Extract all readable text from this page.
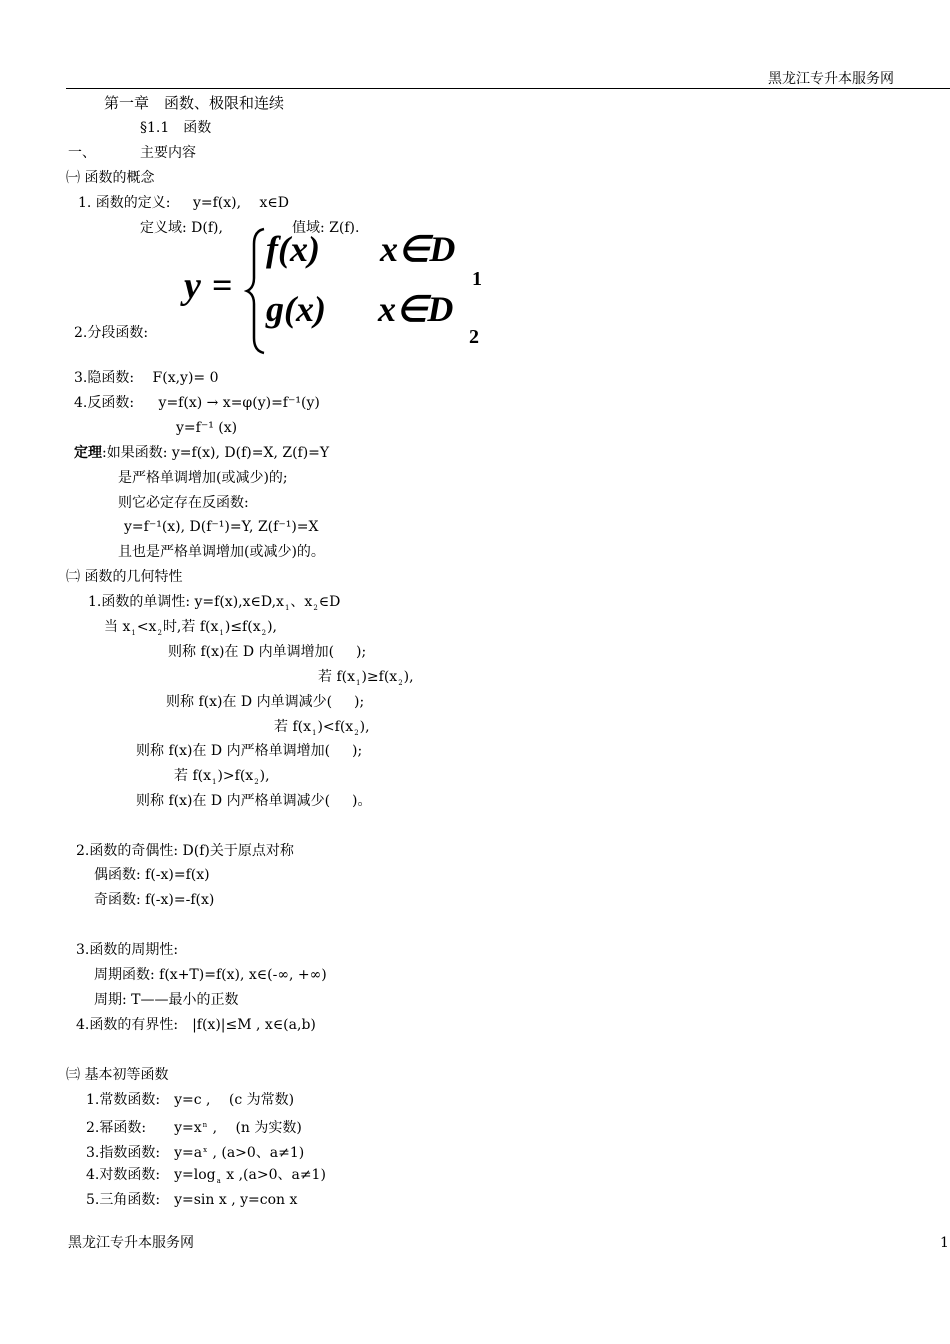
黑龙江专升本服务网
第一章　函数、极限和连续
§1.1　函数
一、	主要内容
㈠ 函数的概念
1. 函数的定义: y=f(x),　 x∈D
定义域: D(f),	值域: Z(f).
y =
f(x) x∈D
1
g(x) x∈D
2
2.分段函数:
3.隐函数:　 F(x,y)= 0
4.反函数: y=f(x) → x=φ(y)=f⁻¹(y)
y=f⁻¹ (x)
定理:如果函数: y=f(x), D(f)=X, Z(f)=Y
是严格单调增加(或减少)的;
则它必定存在反函数:
y=f⁻¹(x), D(f⁻¹)=Y, Z(f⁻¹)=X
且也是严格单调增加(或减少)的。
㈡ 函数的几何特性
1.函数的单调性: $y=f(x),x\in D,x_1$、$x_2\in D$
当 $x_1<x_2$时,若 $f(x_1)\le f(x_2)$,
则称 f(x)在 D 内单调增加( );
若 $f(x_1)\ge f(x_2)$,
则称 f(x)在 D 内单调减少( );
若 $f(x_1)<f(x_2)$,
则称 f(x)在 D 内严格单调增加( );
若 $f(x_1)>f(x_2)$,
则称 f(x)在 D 内严格单调减少( )。
2.函数的奇偶性: D(f)关于原点对称
偶函数: f(-x)=f(x)
奇函数: f(-x)=-f(x)
3.函数的周期性:
周期函数: f(x+T)=f(x), x∈(-∞, +∞)
周期: T——最小的正数
4.函数的有界性:　|f(x)|≤M , x∈(a,b)
㈢ 基本初等函数
1.常数函数:　y=c ,　 (c 为常数)
2.幂函数:　　$y=x^n$ ,　 (n 为实数)
3.指数函数:　$y=a^x$ , (a>0、a≠1)
4.对数函数:　$y=\log_a$ x ,(a>0、a≠1)
5.三角函数:　y=sin x , y=con x
黑龙江专升本服务网	1
